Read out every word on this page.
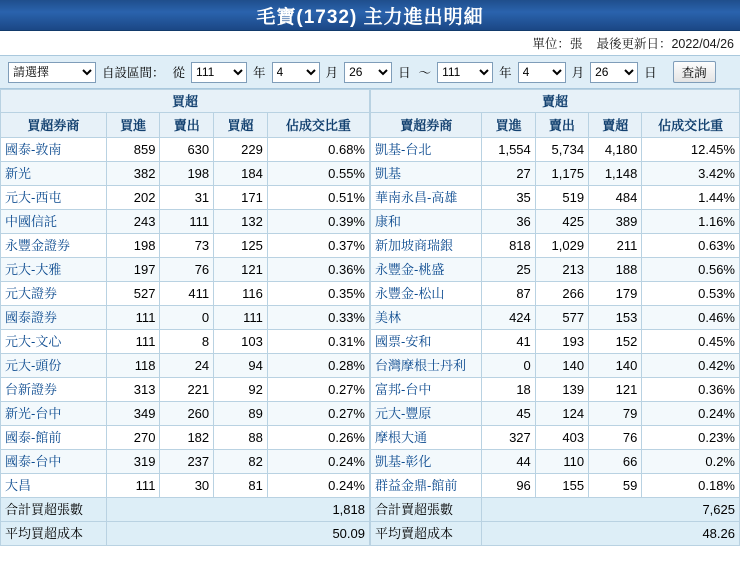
毛寶(1732) 主力進出明細
單位：張 最後更新日：2022/04/26
請選擇
自設區間： 從
111	年
4	月
26	日 ～
111	年
4	月
26	日	查詢
買超				
買超券商	買進	賣出	買超	佔成交比重
國泰-敦南	859	630	229	0.68%
新光	382	198	184	0.55%
元大-西屯	202	31	171	0.51%
中國信託	243	111	132	0.39%
永豐金證券	198	73	125	0.37%
元大-大雅	197	76	121	0.36%
元大證券	527	411	116	0.35%
國泰證券	111	0	111	0.33%
元大-文心	111	8	103	0.31%
元大-頭份	118	24	94	0.28%
台新證券	313	221	92	0.27%
新光-台中	349	260	89	0.27%
國泰-館前	270	182	88	0.26%
國泰-台中	319	237	82	0.24%
大昌	111	30	81	0.24%
合計買超張數	1,818			
平均買超成本	50.09			
賣超				
賣超券商	買進	賣出	賣超	佔成交比重
凱基-台北	1,554	5,734	4,180	12.45%
凱基	27	1,175	1,148	3.42%
華南永昌-高雄	35	519	484	1.44%
康和	36	425	389	1.16%
新加坡商瑞銀	818	1,029	211	0.63%
永豐金-桃盛	25	213	188	0.56%
永豐金-松山	87	266	179	0.53%
美林	424	577	153	0.46%
國票-安和	41	193	152	0.45%
台灣摩根士丹利	0	140	140	0.42%
富邦-台中	18	139	121	0.36%
元大-豐原	45	124	79	0.24%
摩根大通	327	403	76	0.23%
凱基-彰化	44	110	66	0.2%
群益金鼎-館前	96	155	59	0.18%
合計賣超張數	7,625			
平均賣超成本	48.26			
